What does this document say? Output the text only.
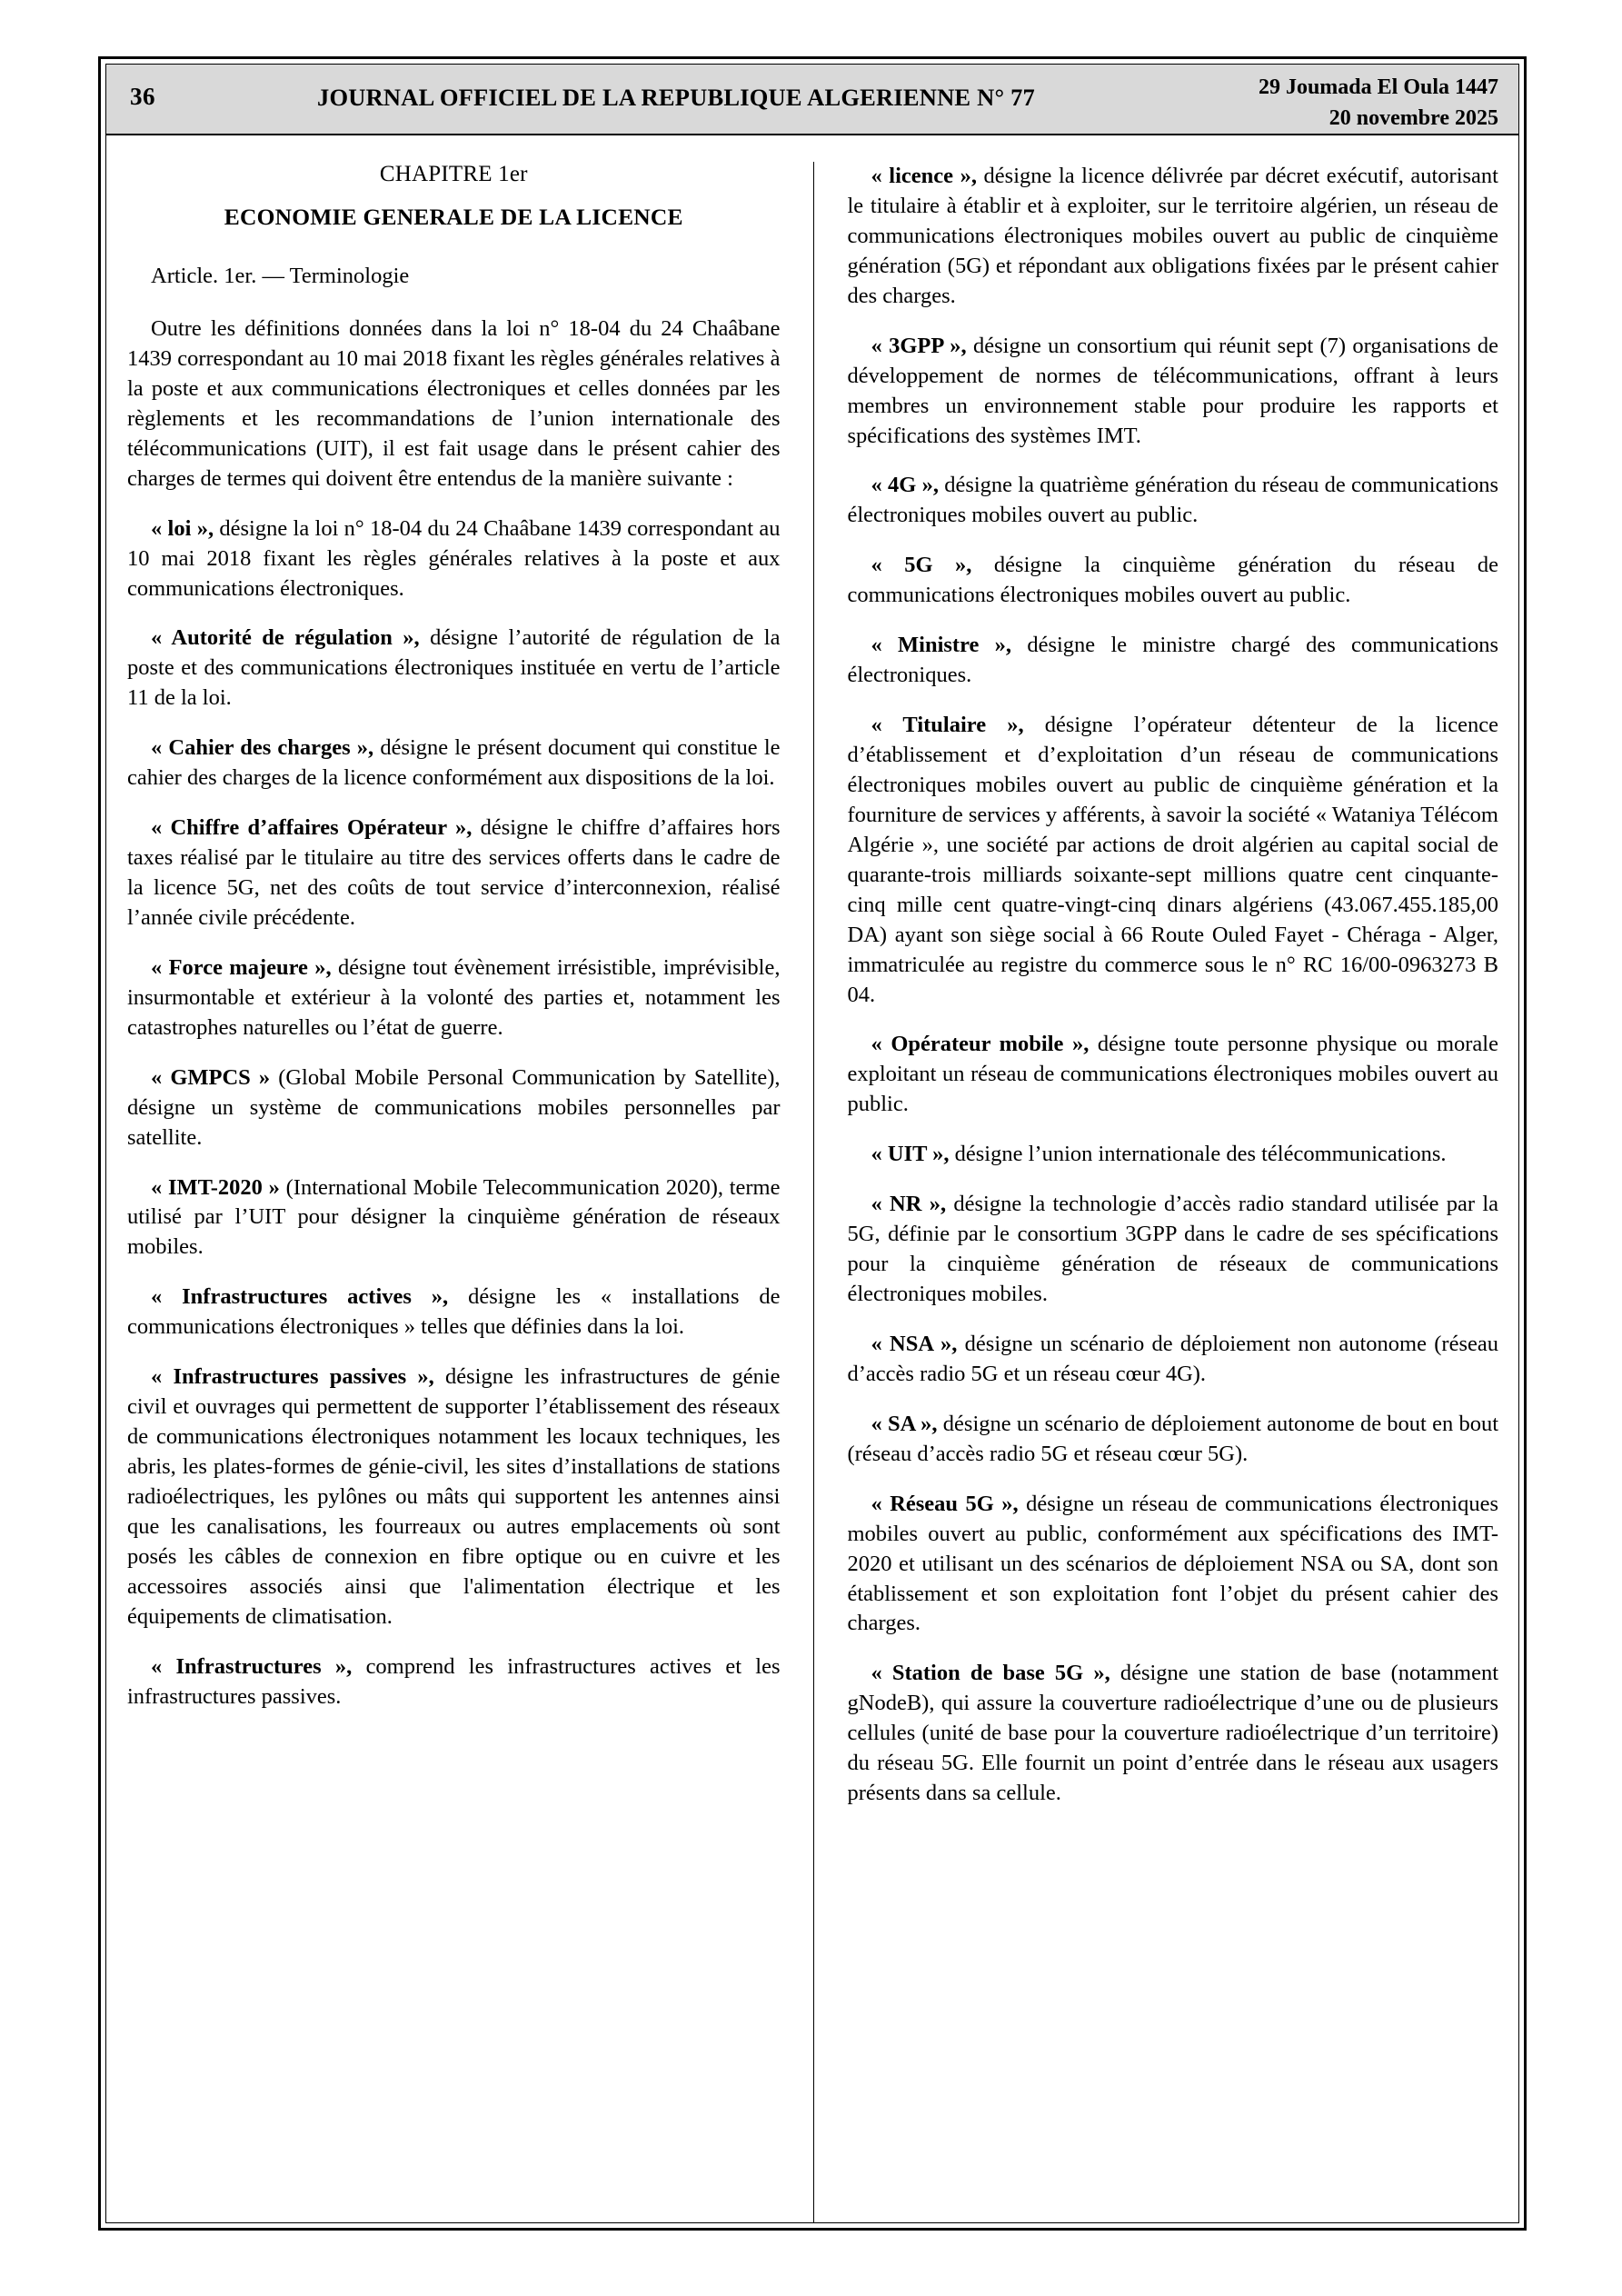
36	JOURNAL OFFICIEL DE LA REPUBLIQUE ALGERIENNE N° 77	29 Joumada El Oula 1447
20 novembre 2025
CHAPITRE 1er
ECONOMIE GENERALE DE LA LICENCE

Article. 1er. — Terminologie

Outre les définitions données dans la loi n° 18-04 du 24 Chaâbane 1439 correspondant au 10 mai 2018 fixant les règles générales relatives à la poste et aux communications électroniques et celles données par les règlements et les recommandations de l’union internationale des télécommunications (UIT), il est fait usage dans le présent cahier des charges de termes qui doivent être entendus de la manière suivante :

« loi », désigne la loi n° 18-04 du 24 Chaâbane 1439 correspondant au 10 mai 2018 fixant les règles générales relatives à la poste et aux communications électroniques.

« Autorité de régulation », désigne l’autorité de régulation de la poste et des communications électroniques instituée en vertu de l’article 11 de la loi.

« Cahier des charges », désigne le présent document qui constitue le cahier des charges de la licence conformément aux dispositions de la loi.

« Chiffre d’affaires Opérateur », désigne le chiffre d’affaires hors taxes réalisé par le titulaire au titre des services offerts dans le cadre de la licence 5G, net des coûts de tout service d’interconnexion, réalisé l’année civile précédente.

« Force majeure », désigne tout évènement irrésistible, imprévisible, insurmontable et extérieur à la volonté des parties et, notamment les catastrophes naturelles ou l’état de guerre.

« GMPCS » (Global Mobile Personal Communication by Satellite), désigne un système de communications mobiles personnelles par satellite.

« IMT-2020 » (International Mobile Telecommunication 2020), terme utilisé par l’UIT pour désigner la cinquième génération de réseaux mobiles.

« Infrastructures actives », désigne les « installations de communications électroniques » telles que définies dans la loi.

« Infrastructures passives », désigne les infrastructures de génie civil et ouvrages qui permettent de supporter l’établissement des réseaux de communications électroniques notamment les locaux techniques, les abris, les plates-formes de génie-civil, les sites d’installations de stations radioélectriques, les pylônes ou mâts qui supportent les antennes ainsi que les canalisations, les fourreaux ou autres emplacements où sont posés les câbles de connexion en fibre optique ou en cuivre et les accessoires associés ainsi que l'alimentation électrique et les équipements de climatisation.

« Infrastructures », comprend les infrastructures actives et les infrastructures passives.

« licence », désigne la licence délivrée par décret exécutif, autorisant le titulaire à établir et à exploiter, sur le territoire algérien, un réseau de communications électroniques mobiles ouvert au public de cinquième génération (5G) et répondant aux obligations fixées par le présent cahier des charges.

« 3GPP », désigne un consortium qui réunit sept (7) organisations de développement de normes de télécommunications, offrant à leurs membres un environnement stable pour produire les rapports et spécifications des systèmes IMT.

« 4G », désigne la quatrième génération du réseau de communications électroniques mobiles ouvert au public.

« 5G », désigne la cinquième génération du réseau de communications électroniques mobiles ouvert au public.

« Ministre », désigne le ministre chargé des communications électroniques.

« Titulaire », désigne l’opérateur détenteur de la licence d’établissement et d’exploitation d’un réseau de communications électroniques mobiles ouvert au public de cinquième génération et la fourniture de services y afférents, à savoir la société « Wataniya Télécom Algérie », une société par actions de droit algérien au capital social de quarante-trois milliards soixante-sept millions quatre cent cinquante-cinq mille cent quatre-vingt-cinq dinars algériens (43.067.455.185,00 DA) ayant son siège social à 66 Route Ouled Fayet - Chéraga - Alger, immatriculée au registre du commerce sous le n° RC 16/00-0963273 B 04.

« Opérateur mobile », désigne toute personne physique ou morale exploitant un réseau de communications électroniques mobiles ouvert au public.

« UIT », désigne l’union internationale des télécommunications.

« NR », désigne la technologie d’accès radio standard utilisée par la 5G, définie par le consortium 3GPP dans le cadre de ses spécifications pour la cinquième génération de réseaux de communications électroniques mobiles.

« NSA », désigne un scénario de déploiement non autonome (réseau d’accès radio 5G et un réseau cœur 4G).

« SA », désigne un scénario de déploiement autonome de bout en bout (réseau d’accès radio 5G et réseau cœur 5G).

« Réseau 5G », désigne un réseau de communications électroniques mobiles ouvert au public, conformément aux spécifications des IMT-2020 et utilisant un des scénarios de déploiement NSA ou SA, dont son établissement et son exploitation font l’objet du présent cahier des charges.

« Station de base 5G », désigne une station de base (notamment gNodeB), qui assure la couverture radioélectrique d’une ou de plusieurs cellules (unité de base pour la couverture radioélectrique d’un territoire) du réseau 5G. Elle fournit un point d’entrée dans le réseau aux usagers présents dans sa cellule.
